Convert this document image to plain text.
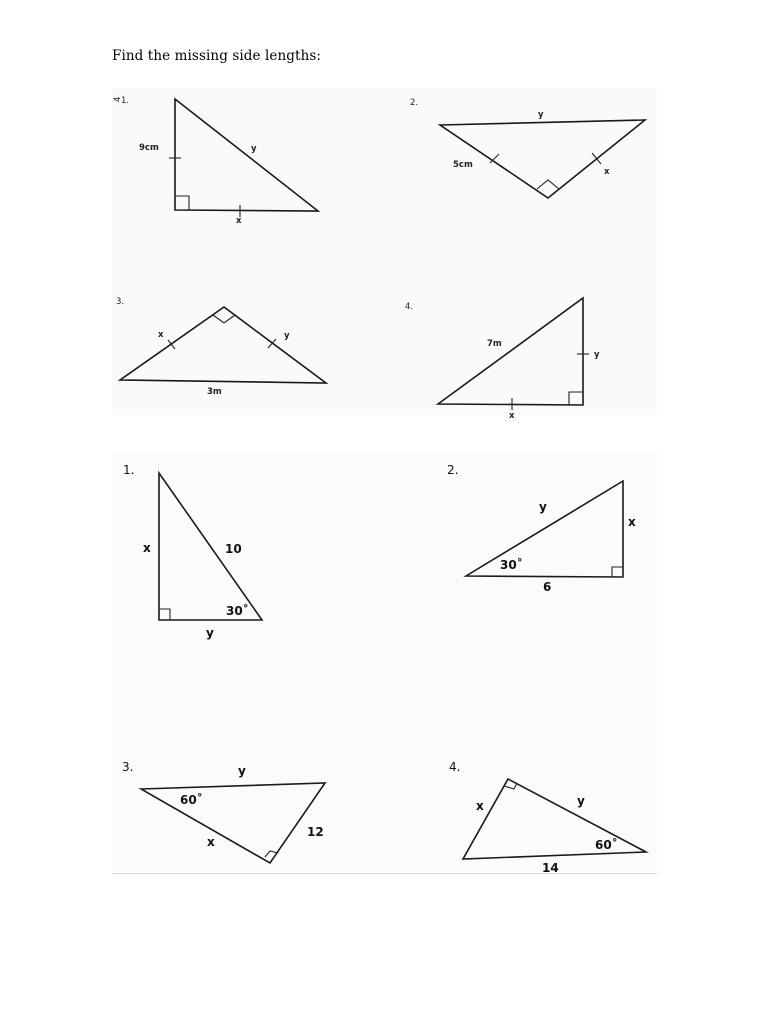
Find the missing side lengths:
4
1.
9cm	y
x
2.
y
5cm
x
3.
x	y
3m
4.
7m
y
x
1.
x	10
y
30˚
2.
y
x
6
30˚
3.	y
60˚
x
12
4.
x	y
60˚
14
